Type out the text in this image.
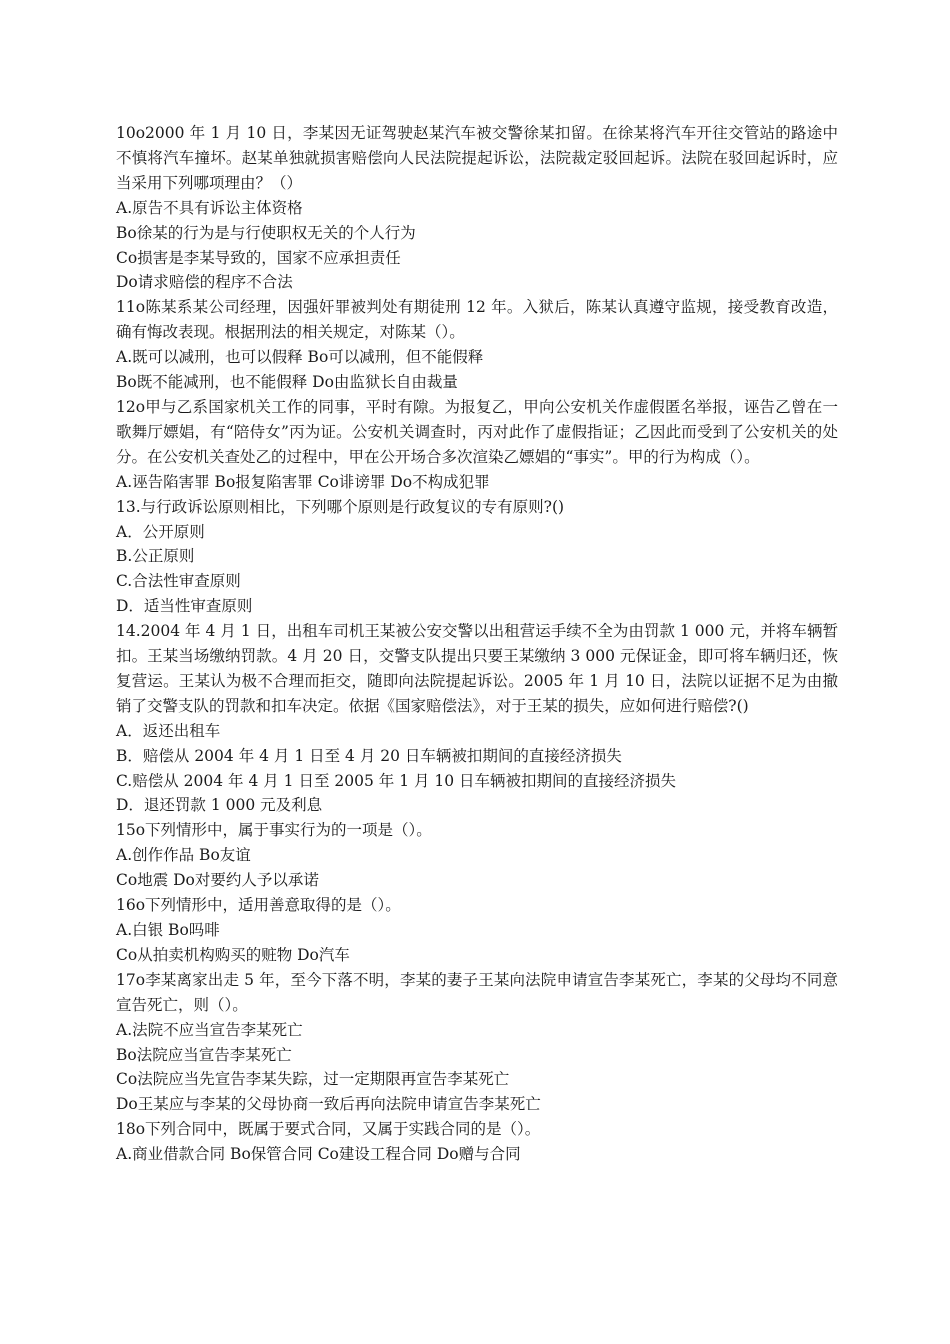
10ο2000 年 1 月 10 日，李某因无证驾驶赵某汽车被交警徐某扣留。在徐某将汽车开往交管站的路途中不慎将汽车撞坏。赵某单独就损害赔偿向人民法院提起诉讼，法院裁定驳回起诉。法院在驳回起诉时，应当采用下列哪项理由？（）

A.原告不具有诉讼主体资格

Bο徐某的行为是与行使职权无关的个人行为

Cο损害是李某导致的，国家不应承担责任

Dο请求赔偿的程序不合法

11ο陈某系某公司经理，因强奸罪被判处有期徒刑 12 年。入狱后，陈某认真遵守监规，接受教育改造，确有悔改表现。根据刑法的相关规定，对陈某（）。

A.既可以减刑，也可以假释 Bο可以减刑，但不能假释

Bο既不能减刑，也不能假释 Dο由监狱长自由裁量

12ο甲与乙系国家机关工作的同事，平时有隙。为报复乙，甲向公安机关作虚假匿名举报，诬告乙曾在一歌舞厅嫖娼，有“陪侍女”丙为证。公安机关调查时，丙对此作了虚假指证；乙因此而受到了公安机关的处分。在公安机关查处乙的过程中，甲在公开场合多次渲染乙嫖娼的“事实”。甲的行为构成（）。

A.诬告陷害罪 Bο报复陷害罪 Cο诽谤罪 Dο不构成犯罪

13.与行政诉讼原则相比，下列哪个原则是行政复议的专有原则?()

A．公开原则

B.公正原则

C.合法性审查原则

D．适当性审查原则

14.2004 年 4 月 1 日，出租车司机王某被公安交警以出租营运手续不全为由罚款 1 000 元，并将车辆暂扣。王某当场缴纳罚款。4 月 20 日，交警支队提出只要王某缴纳 3 000 元保证金，即可将车辆归还，恢复营运。王某认为极不合理而拒交，随即向法院提起诉讼。2005 年 1 月 10 日，法院以证据不足为由撤销了交警支队的罚款和扣车决定。依据《国家赔偿法》，对于王某的损失，应如何进行赔偿?()

A．返还出租车

B．赔偿从 2004 年 4 月 1 日至 4 月 20 日车辆被扣期间的直接经济损失

C.赔偿从 2004 年 4 月 1 日至 2005 年 1 月 10 日车辆被扣期间的直接经济损失

D．退还罚款 1 000 元及利息

15ο下列情形中，属于事实行为的一项是（）。

A.创作作品 Bο友谊

Cο地震 Dο对要约人予以承诺

16ο下列情形中，适用善意取得的是（）。

A.白银 Bο吗啡

Cο从拍卖机构购买的赃物 Dο汽车

17ο李某离家出走 5 年，至今下落不明，李某的妻子王某向法院申请宣告李某死亡，李某的父母均不同意宣告死亡，则（）。

A.法院不应当宣告李某死亡

Bο法院应当宣告李某死亡

Cο法院应当先宣告李某失踪，过一定期限再宣告李某死亡

Dο王某应与李某的父母协商一致后再向法院申请宣告李某死亡

18ο下列合同中，既属于要式合同，又属于实践合同的是（）。

A.商业借款合同 Bο保管合同 Cο建设工程合同 Dο赠与合同
